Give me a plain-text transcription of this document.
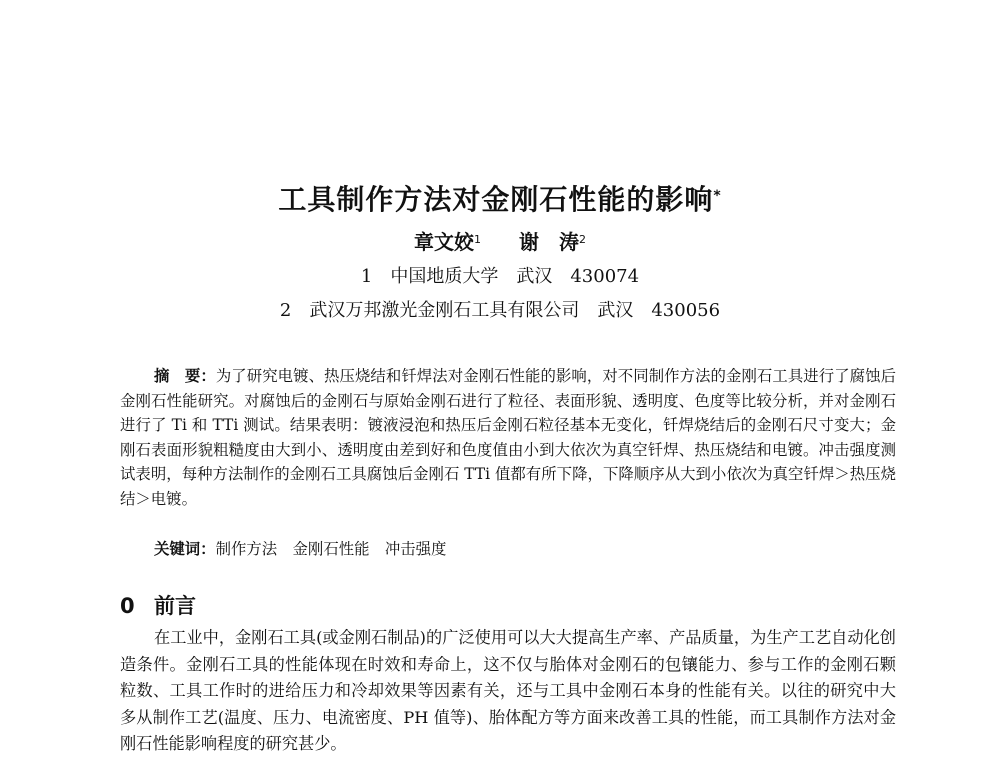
工具制作方法对金刚石性能的影响*
章文姣$^1$ 谢　涛$^2$
1　中国地质大学　武汉　430074
2　武汉万邦激光金刚石工具有限公司　武汉　430056
摘　要：为了研究电镀、热压烧结和钎焊法对金刚石性能的影响，对不同制作方法的金刚石工具进行了腐蚀后金刚石性能研究。对腐蚀后的金刚石与原始金刚石进行了粒径、表面形貌、透明度、色度等比较分析，并对金刚石进行了 Ti 和 TTi 测试。结果表明：镀液浸泡和热压后金刚石粒径基本无变化，钎焊烧结后的金刚石尺寸变大；金刚石表面形貌粗糙度由大到小、透明度由差到好和色度值由小到大依次为真空钎焊、热压烧结和电镀。冲击强度测试表明，每种方法制作的金刚石工具腐蚀后金刚石 TTi 值都有所下降，下降顺序从大到小依次为真空钎焊＞热压烧结＞电镀。
关键词：制作方法　金刚石性能　冲击强度
0 前言
在工业中，金刚石工具(或金刚石制品)的广泛使用可以大大提高生产率、产品质量，为生产工艺自动化创造条件。金刚石工具的性能体现在时效和寿命上，这不仅与胎体对金刚石的包镶能力、参与工作的金刚石颗粒数、工具工作时的进给压力和冷却效果等因素有关，还与工具中金刚石本身的性能有关。以往的研究中大多从制作工艺(温度、压力、电流密度、PH 值等)、胎体配方等方面来改善工具的性能，而工具制作方法对金刚石性能影响程度的研究甚少。
